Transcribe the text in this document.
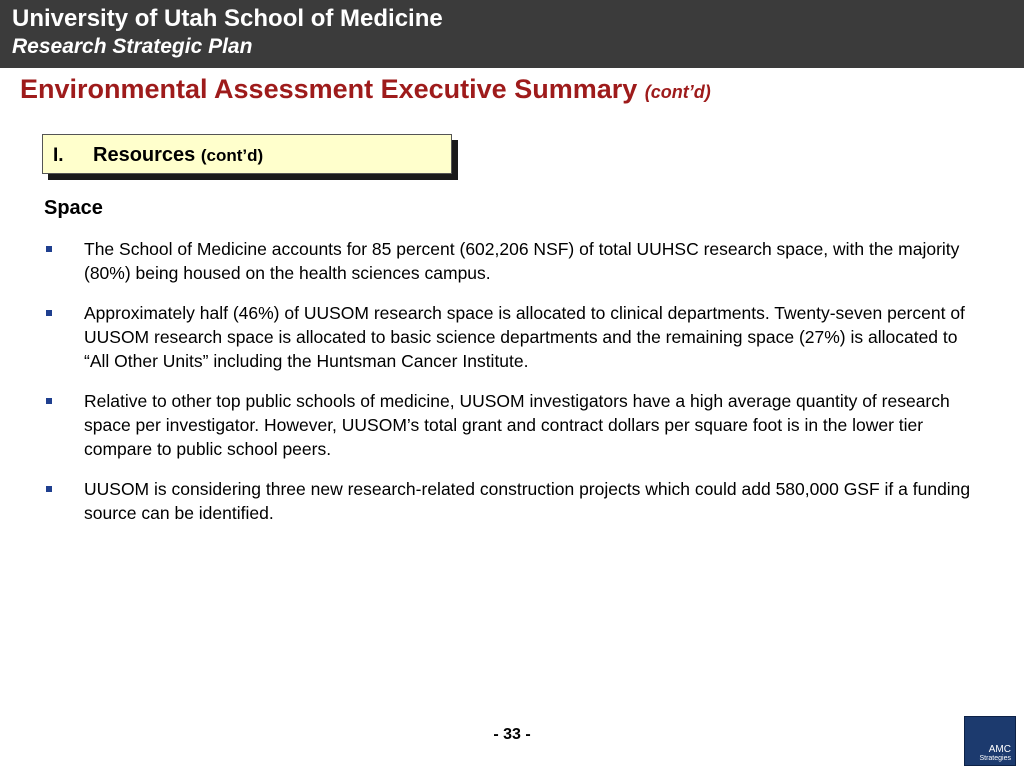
University of Utah School of Medicine
Research Strategic Plan
Environmental Assessment Executive Summary (cont’d)
I. Resources (cont’d)
Space
The School of Medicine accounts for 85 percent (602,206 NSF) of total UUHSC research space, with the majority (80%) being housed on the health sciences campus.
Approximately half (46%) of UUSOM research space is allocated to clinical departments. Twenty-seven percent of UUSOM research space is allocated to basic science departments and the remaining space (27%) is allocated to “All Other Units” including the Huntsman Cancer Institute.
Relative to other top public schools of medicine, UUSOM investigators have a high average quantity of research space per investigator. However, UUSOM’s total grant and contract dollars per square foot is in the lower tier compare to public school peers.
UUSOM is considering three new research-related construction projects which could add 580,000 GSF if a funding source can be identified.
- 33 -
AMC
Strategies
